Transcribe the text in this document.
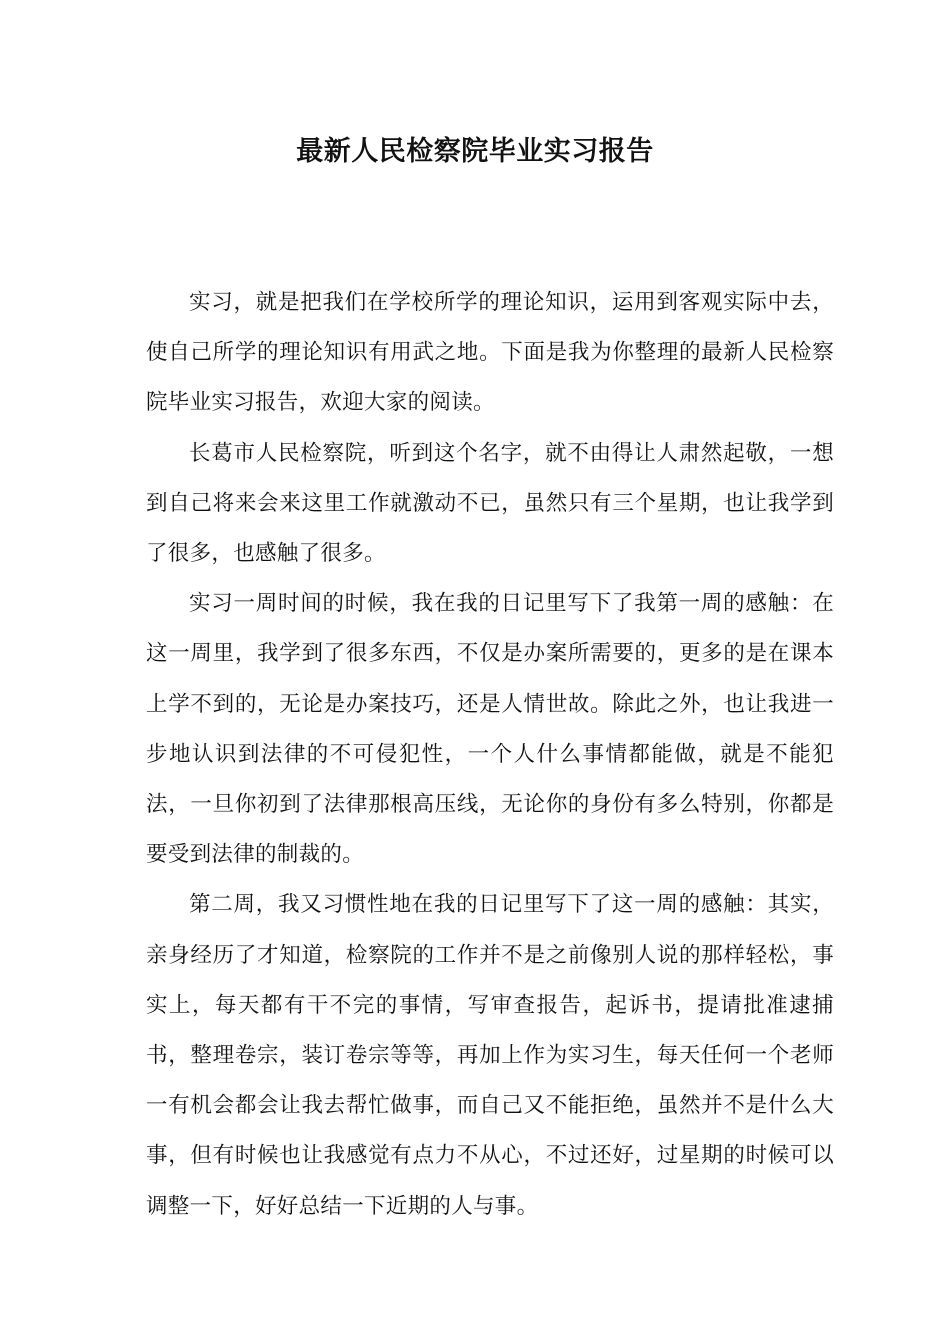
最新人民检察院毕业实习报告

实习，就是把我们在学校所学的理论知识，运用到客观实际中去，使自己所学的理论知识有用武之地。下面是我为你整理的最新人民检察院毕业实习报告，欢迎大家的阅读。

长葛市人民检察院，听到这个名字，就不由得让人肃然起敬，一想到自己将来会来这里工作就激动不已，虽然只有三个星期，也让我学到了很多，也感触了很多。

实习一周时间的时候，我在我的日记里写下了我第一周的感触：在这一周里，我学到了很多东西，不仅是办案所需要的，更多的是在课本上学不到的，无论是办案技巧，还是人情世故。除此之外，也让我进一步地认识到法律的不可侵犯性，一个人什么事情都能做，就是不能犯法，一旦你初到了法律那根高压线，无论你的身份有多么特别，你都是要受到法律的制裁的。

第二周，我又习惯性地在我的日记里写下了这一周的感触：其实，亲身经历了才知道，检察院的工作并不是之前像别人说的那样轻松，事实上，每天都有干不完的事情，写审查报告，起诉书，提请批准逮捕书，整理卷宗，装订卷宗等等，再加上作为实习生，每天任何一个老师一有机会都会让我去帮忙做事，而自己又不能拒绝，虽然并不是什么大事，但有时候也让我感觉有点力不从心，不过还好，过星期的时候可以调整一下，好好总结一下近期的人与事。
